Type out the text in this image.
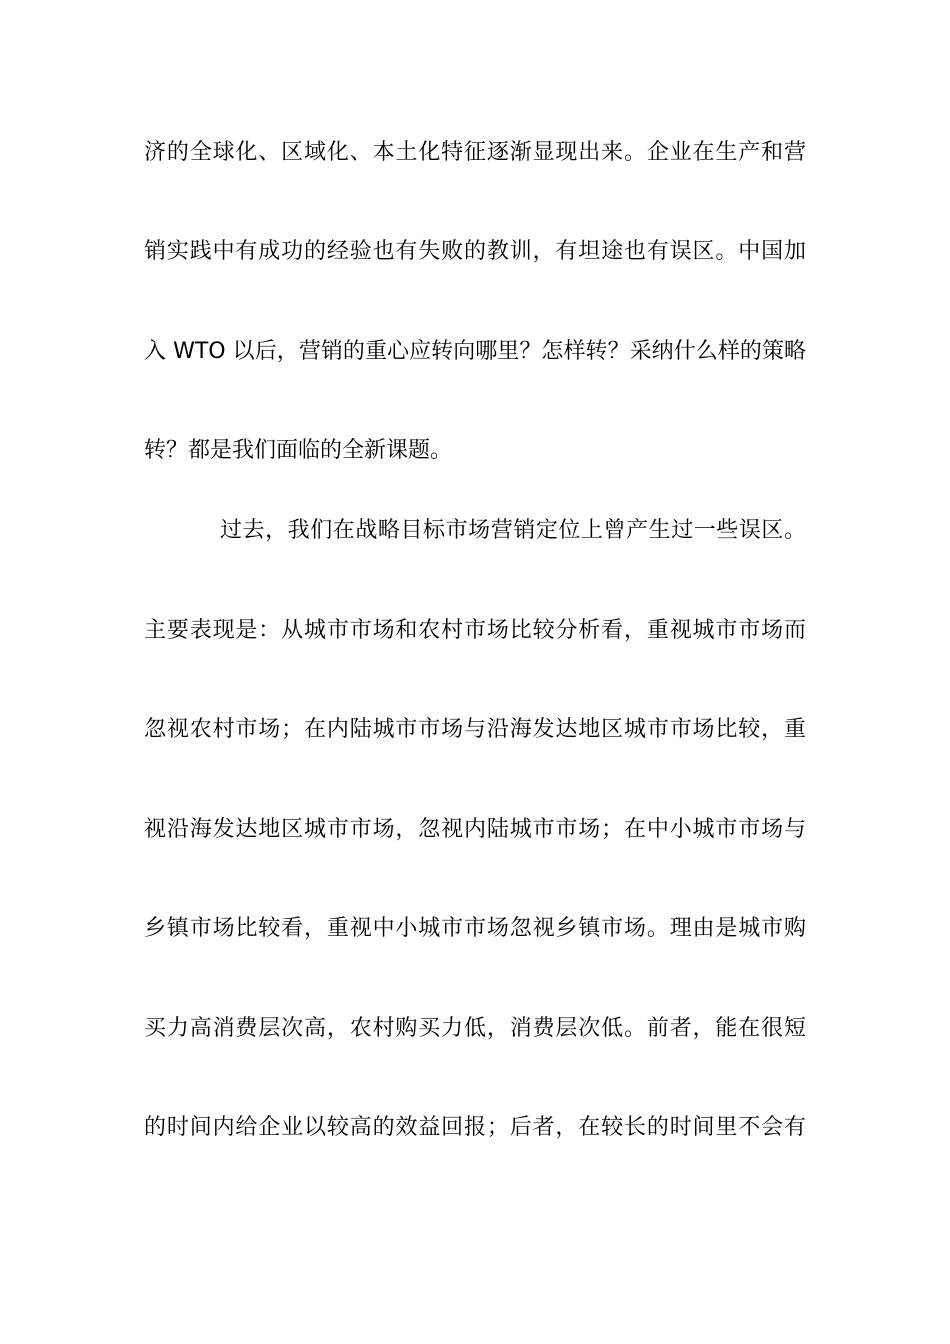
济的全球化、区域化、本土化特征逐渐显现出来。企业在生产和营
销实践中有成功的经验也有失败的教训，有坦途也有误区。中国加
入 WTO 以后，营销的重心应转向哪里？怎样转？采纳什么样的策略
转？都是我们面临的全新课题。
过去，我们在战略目标市场营销定位上曾产生过一些误区。
主要表现是：从城市市场和农村市场比较分析看，重视城市市场而
忽视农村市场；在内陆城市市场与沿海发达地区城市市场比较，重
视沿海发达地区城市市场，忽视内陆城市市场；在中小城市市场与
乡镇市场比较看，重视中小城市市场忽视乡镇市场。理由是城市购
买力高消费层次高，农村购买力低，消费层次低。前者，能在很短
的时间内给企业以较高的效益回报；后者，在较长的时间里不会有
